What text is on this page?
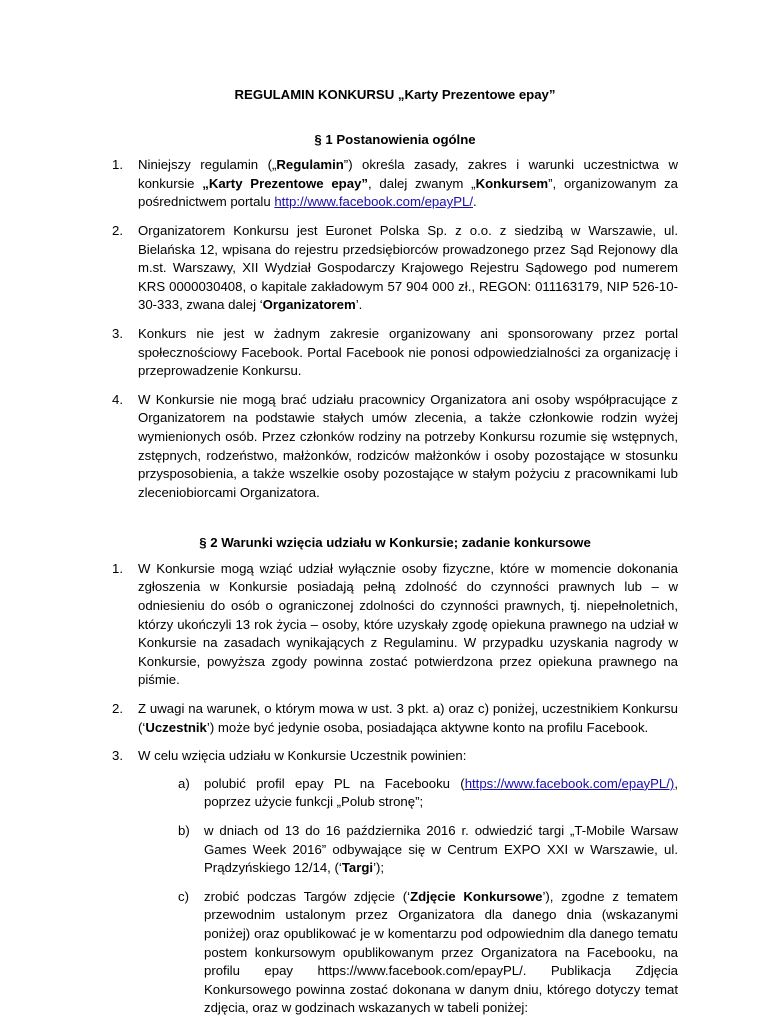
REGULAMIN KONKURSU „Karty Prezentowe epay”
§ 1 Postanowienia ogólne
1. Niniejszy regulamin („Regulamin”) określa zasady, zakres i warunki uczestnictwa w konkursie „Karty Prezentowe epay”, dalej zwanym „Konkursem”, organizowanym za pośrednictwem portalu http://www.facebook.com/epayPL/.
2. Organizatorem Konkursu jest Euronet Polska Sp. z o.o. z siedzibą w Warszawie, ul. Bielańska 12, wpisana do rejestru przedsiębiorców prowadzonego przez Sąd Rejonowy dla m.st. Warszawy, XII Wydział Gospodarczy Krajowego Rejestru Sądowego pod numerem KRS 0000030408, o kapitale zakładowym 57 904 000 zł., REGON: 011163179, NIP 526-10-30-333, zwana dalej ‘Organizatorem’.
3. Konkurs nie jest w żadnym zakresie organizowany ani sponsorowany przez portal społecznościowy Facebook. Portal Facebook nie ponosi odpowiedzialności za organizację i przeprowadzenie Konkursu.
4. W Konkursie nie mogą brać udziału pracownicy Organizatora ani osoby współpracujące z Organizatorem na podstawie stałych umów zlecenia, a także członkowie rodzin wyżej wymienionych osób. Przez członków rodziny na potrzeby Konkursu rozumie się wstępnych, zstępnych, rodzeństwo, małżonków, rodziców małżonków i osoby pozostające w stosunku przysposobienia, a także wszelkie osoby pozostające w stałym pożyciu z pracownikami lub zleceniobiorcami Organizatora.
§ 2 Warunki wzięcia udziału w Konkursie; zadanie konkursowe
1. W Konkursie mogą wziąć udział wyłącznie osoby fizyczne, które w momencie dokonania zgłoszenia w Konkursie posiadają pełną zdolność do czynności prawnych lub – w odniesieniu do osób o ograniczonej zdolności do czynności prawnych, tj. niepełnoletnich, którzy ukończyli 13 rok życia – osoby, które uzyskały zgodę opiekuna prawnego na udział w Konkursie na zasadach wynikających z Regulaminu. W przypadku uzyskania nagrody w Konkursie, powyższa zgody powinna zostać potwierdzona przez opiekuna prawnego na piśmie.
2. Z uwagi na warunek, o którym mowa w ust. 3 pkt. a) oraz c) poniżej, uczestnikiem Konkursu (‘Uczestnik’) może być jedynie osoba, posiadająca aktywne konto na profilu Facebook.
3. W celu wzięcia udziału w Konkursie Uczestnik powinien:
a) polubić profil epay PL na Facebooku (https://www.facebook.com/epayPL/), poprzez użycie funkcji „Polub stronę”;
b) w dniach od 13 do 16 października 2016 r. odwiedzić targi „T-Mobile Warsaw Games Week 2016” odbywające się w Centrum EXPO XXI w Warszawie, ul. Prądzyńskiego 12/14, (‘Targi’);
c) zrobić podczas Targów zdjęcie (‘Zdjęcie Konkursowe’), zgodne z tematem przewodnim ustalonym przez Organizatora dla danego dnia (wskazanymi poniżej) oraz opublikować je w komentarzu pod odpowiednim dla danego tematu postem konkursowym opublikowanym przez Organizatora na Facebooku, na profilu epay https://www.facebook.com/epayPL/. Publikacja Zdjęcia Konkursowego powinna zostać dokonana w danym dniu, którego dotyczy temat zdjęcia, oraz w godzinach wskazanych w tabeli poniżej:
